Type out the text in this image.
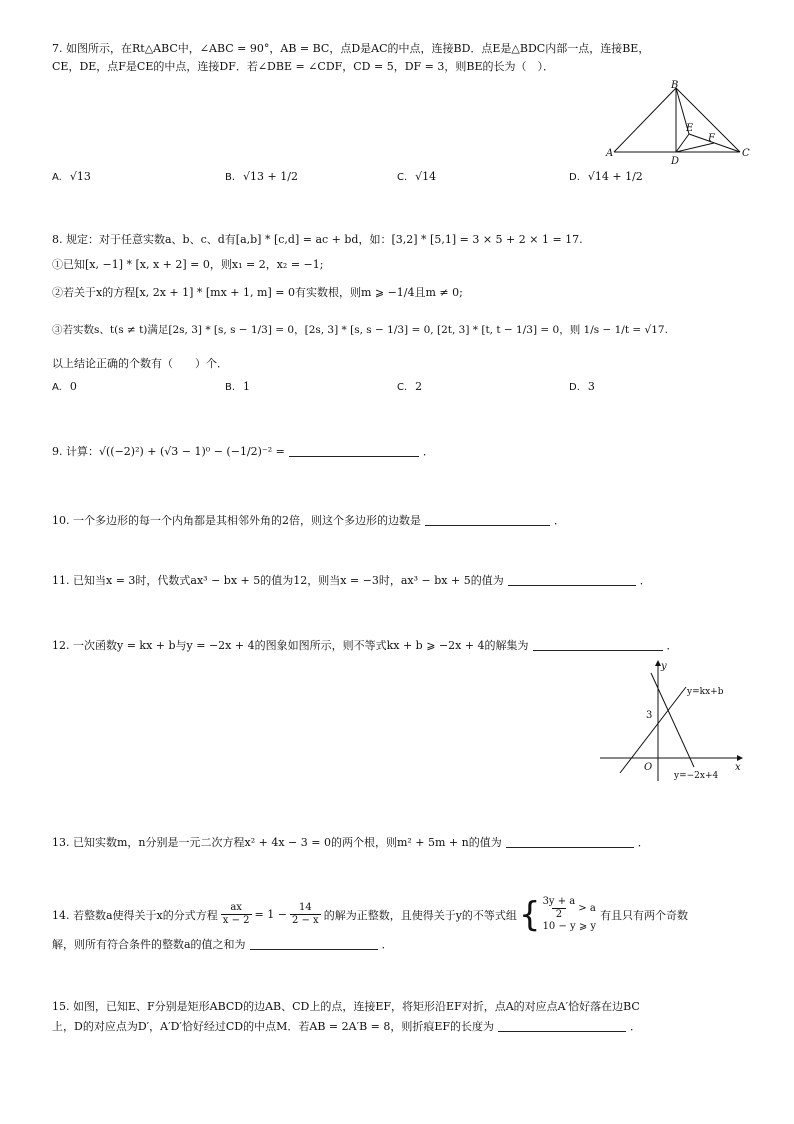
7. 如图所示，在Rt△ABC中，∠ABC = 90°，AB = BC，点D是AC的中点，连接BD．点E是△BDC内部一点，连接BE，
CE，DE，点F是CE的中点，连接DF．若∠DBE = ∠CDF，CD = 5，DF = 3，则BE的长为（　）．
B
A	C
D
E
F
A. √13	B. √13 + 1/2	C. √14	D. √14 + 1/2
8. 规定：对于任意实数a、b、c、d有[a,b] * [c,d] = ac + bd，如：[3,2] * [5,1] = 3 × 5 + 2 × 1 = 17.
①已知[x, −1] * [x, x + 2] = 0，则x₁ = 2，x₂ = −1;
②若关于x的方程[x, 2x + 1] * [mx + 1, m] = 0有实数根，则m ⩾ −1/4且m ≠ 0;
③若实数s、t(s ≠ t)满足[2s, 3] * [s, s − 1/3] = 0，[2s, 3] * [s, s − 1/3] = 0, [2t, 3] * [t, t − 1/3] = 0，则 1/s − 1/t = √17.
以上结论正确的个数有（　　）个．
A. 0	B. 1	C. 2	D. 3
9. 计算：√((−2)²) + (√3 − 1)⁰ − (−1/2)⁻² =	．
10. 一个多边形的每一个内角都是其相邻外角的2倍，则这个多边形的边数是	．
11. 已知当x = 3时，代数式ax³ − bx + 5的值为12，则当x = −3时，ax³ − bx + 5的值为	．
12. 一次函数y = kx + b与y = −2x + 4的图象如图所示，则不等式kx + b ⩾ −2x + 4的解集为	．
y
x
O
3
y=kx+b
y=−2x+4
13. 已知实数m，n分别是一元二次方程x² + 4x − 3 = 0的两个根，则m² + 5m + n的值为	．
14. 若整数a使得关于x的分式方程 $\frac{ax}{x - 2} = 1 - \frac{14}{2 - x}$ 的解为正整数，且使得关于y的不等式组 { $\frac{3y + a}{2} > a$
10 − y ⩾ y
有且只有两个奇数
解，则所有符合条件的整数a的值之和为	．
15. 如图，已知E、F分别是矩形ABCD的边AB、CD上的点，连接EF，将矩形沿EF对折，点A的对应点A′恰好落在边BC
上，D的对应点为D′，A′D′恰好经过CD的中点M．若AB = 2A′B = 8，则折痕EF的长度为	．
